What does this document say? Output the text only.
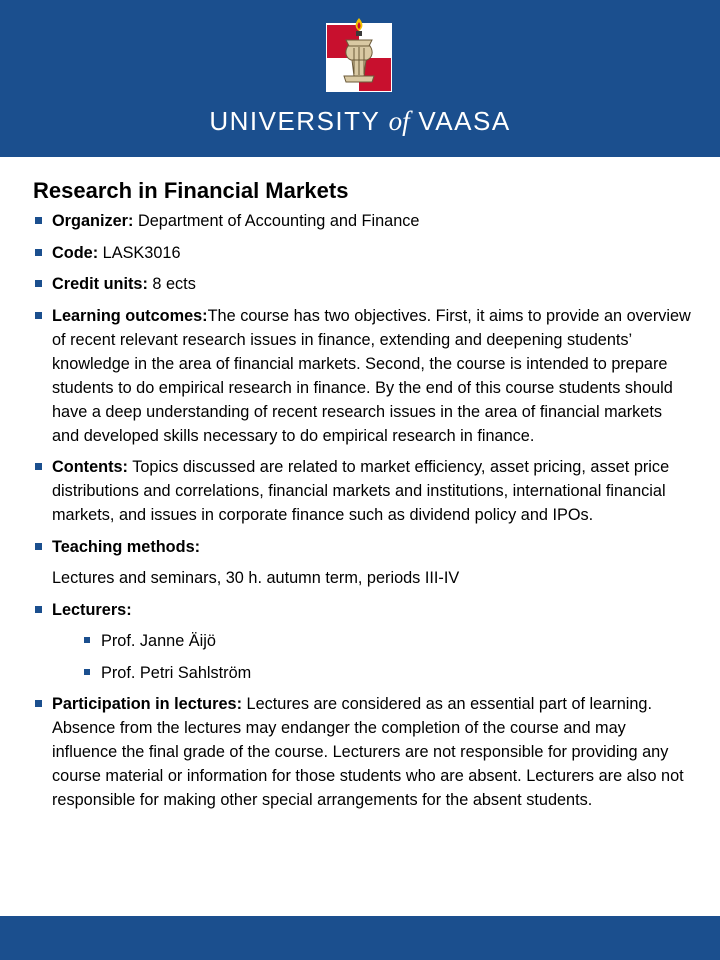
UNIVERSITY of VAASA
Research in Financial Markets
Organizer: Department of Accounting and Finance
Code: LASK3016
Credit units: 8 ects
Learning outcomes:The course has two objectives. First, it aims to provide an overview of recent relevant research issues in finance, extending and deepening students’ knowledge in the area of financial markets. Second, the course is intended to prepare students to do empirical research in finance. By the end of this course students should have a deep understanding of recent research issues in the area of financial markets and developed skills necessary to do empirical research in finance.
Contents: Topics discussed are related to market efficiency, asset pricing, asset price distributions and correlations, financial markets and institutions, international financial markets, and issues in corporate finance such as dividend policy and IPOs.
Teaching methods:
Lectures and seminars, 30 h. autumn term, periods III-IV
Lecturers:
Prof. Janne Äijö
Prof. Petri Sahlström
Participation in lectures: Lectures are considered as an essential part of learning. Absence from the lectures may endanger the completion of the course and may influence the final grade of the course. Lecturers are not responsible for providing any course material or information for those students who are absent. Lecturers are also not responsible for making other special arrangements for the absent students.
